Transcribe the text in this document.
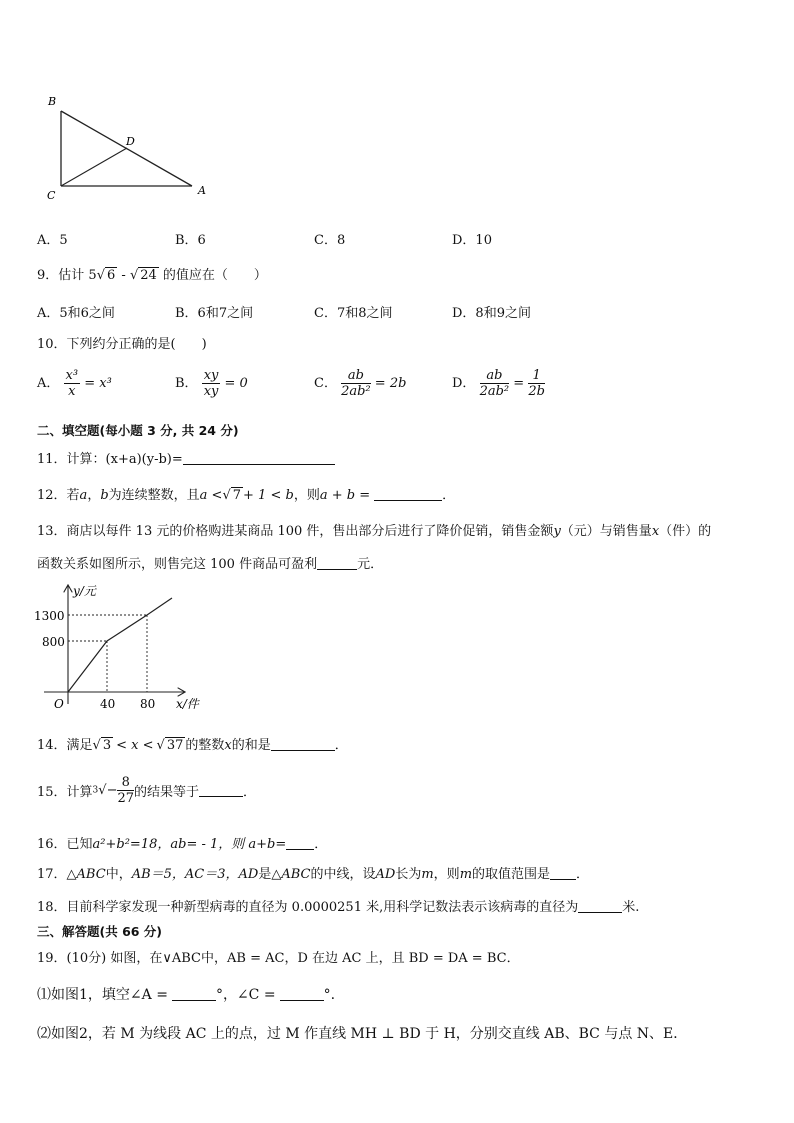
B
D
C	A
A．5	B．6	C．8	D．10
9．估计 5√ 6 - √ 24 的值应在（　　）
A．5和6之间	B．6和7之间	C．7和8之间	D．8和9之间
10．下列约分正确的是(　　)
A． $\frac{\text{x³}}{x} = x^3$	B． $\frac{xy}{xy} = 0$	C． $\frac{ab}{\text{2ab²}} = 2b$	D． $\frac{ab}{\text{2ab²}} = \frac{1}{2b}$
二、填空题(每小题 3 分, 共 24 分)
11．计算：(x+a)(y-b)=
12．若a，b为连续整数，且a <√ 7 + 1 < b，则a + b =	．
13．商店以每件 13 元的价格购进某商品 100 件，售出部分后进行了降价促销，销售金额y（元）与销售量x（件）的
函数关系如图所示，则售完这 100 件商品可盈利	元．
y/元
x/件
O
1300
800
40 80
14．满足√ 3 < x < √ 37 的整数x的和是	．
15．计算$3√- \frac{8}{27}$ 的结果等于	．
16．已知a²+b²=18，ab= - 1，则 a+b= ．
17．△ABC中，AB＝5，AC＝3，AD是△ABC的中线，设AD长为m，则m的取值范围是 ．
18．目前科学家发现一种新型病毒的直径为 0.0000251 米,用科学记数法表示该病毒的直径为	米.
三、解答题(共 66 分)
19．(10分) 如图，在∨ABC中，AB = AC，D 在边 AC 上，且 BD = DA = BC．
⑴如图1，填空∠A =	°，∠C =	°.
⑵如图2，若 M 为线段 AC 上的点，过 M 作直线 MH ⊥ BD 于 H，分别交直线 AB、BC 与点 N、E．
